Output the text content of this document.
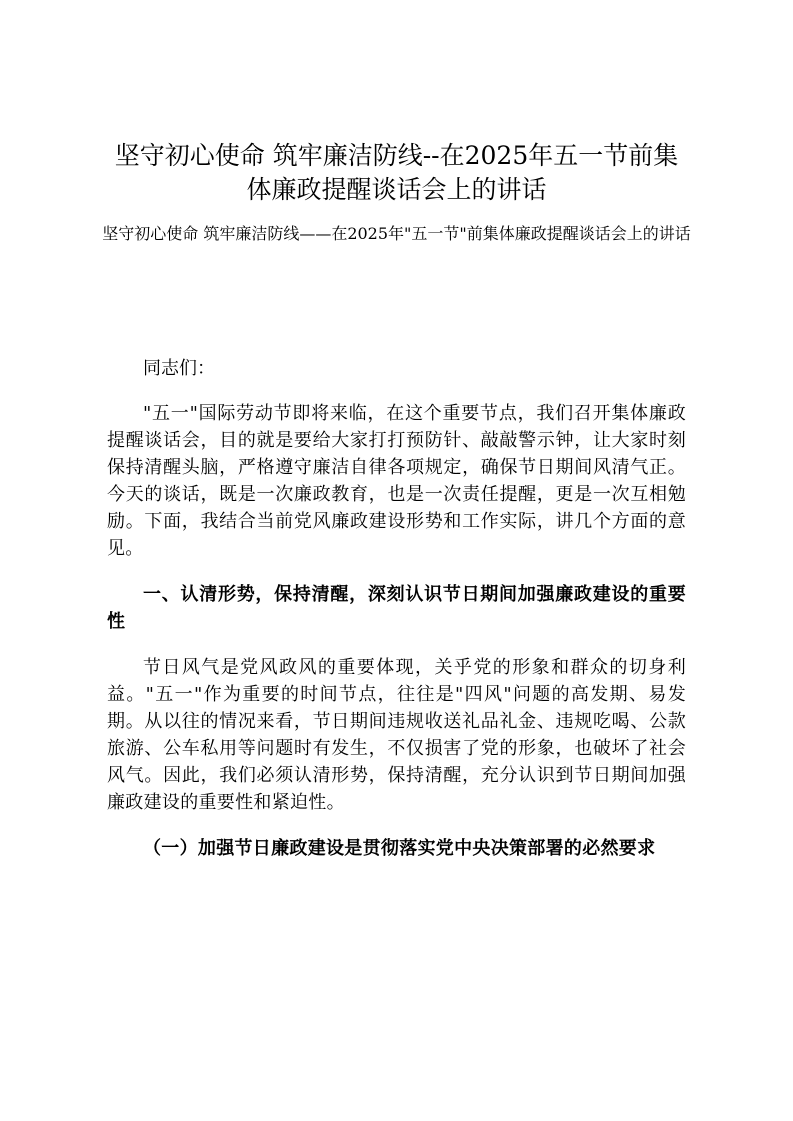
坚守初心使命 筑牢廉洁防线--在2025年五一节前集体廉政提醒谈话会上的讲话
坚守初心使命 筑牢廉洁防线——在2025年"五一节"前集体廉政提醒谈话会上的讲话

同志们：

"五一"国际劳动节即将来临，在这个重要节点，我们召开集体廉政提醒谈话会，目的就是要给大家打打预防针、敲敲警示钟，让大家时刻保持清醒头脑，严格遵守廉洁自律各项规定，确保节日期间风清气正。今天的谈话，既是一次廉政教育，也是一次责任提醒，更是一次互相勉励。下面，我结合当前党风廉政建设形势和工作实际，讲几个方面的意见。

一、认清形势，保持清醒，深刻认识节日期间加强廉政建设的重要性

节日风气是党风政风的重要体现，关乎党的形象和群众的切身利益。"五一"作为重要的时间节点，往往是"四风"问题的高发期、易发期。从以往的情况来看，节日期间违规收送礼品礼金、违规吃喝、公款旅游、公车私用等问题时有发生，不仅损害了党的形象，也破坏了社会风气。因此，我们必须认清形势，保持清醒，充分认识到节日期间加强廉政建设的重要性和紧迫性。

（一）加强节日廉政建设是贯彻落实党中央决策部署的必然要求
